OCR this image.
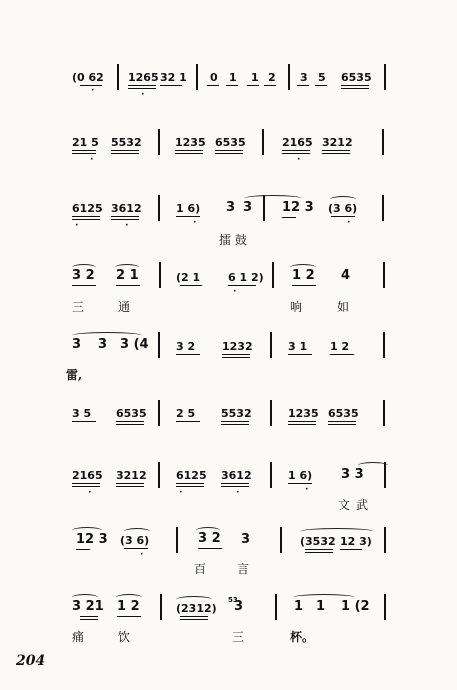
(0 62
·
1265
·
32 1 0 1 1 2 3 5 6535
21 5
·
5532	1235 6535	2165
·
3212
6125
·
3612
·
1 6)
·
3 3 12 3 (3 6)
·
擂 鼓
3 2 2 1	(2 1	6 1 2)
·
1 2 4
三	通	响	如
3 3 3 (4 3 2 1232	3 1 1 2
雷,
3 5 6535	2 5 5532	1235 6535
2165
·
3212	6125
·
3612
·
1 6)
·
3 3
文 武
12 3 (3 6)
·
3 2 3	(3532 12 3)
百	言
3 21 1 2	(2312)
53
3	1 1 1 (2
痛	饮	三	杯。
204
